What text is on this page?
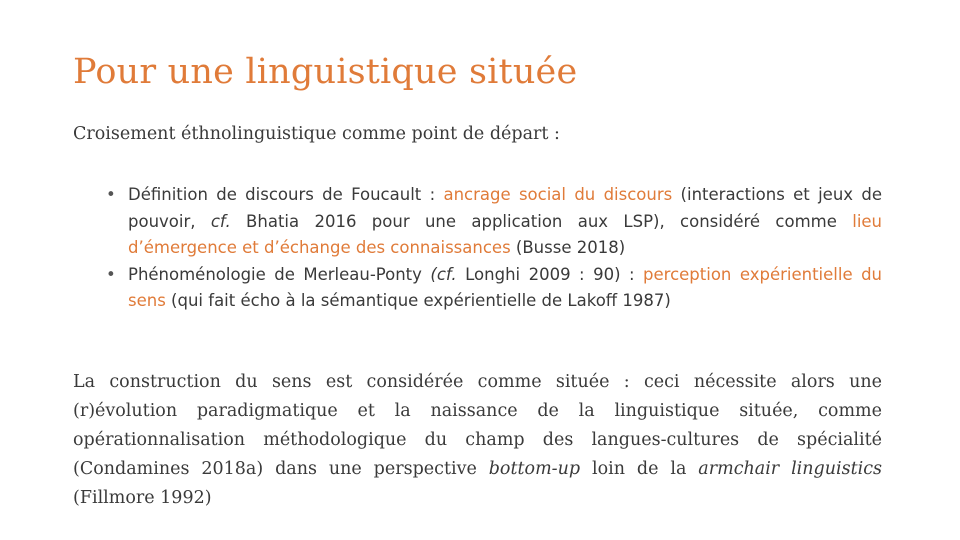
Pour une linguistique située

Croisement éthnolinguistique comme point de départ :

• Définition de discours de Foucault : ancrage social du discours (interactions et jeux de pouvoir, cf. Bhatia 2016 pour une application aux LSP), considéré comme lieu d’émergence et d’échange des connaissances (Busse 2018)
• Phénoménologie de Merleau-Ponty (cf. Longhi 2009 : 90) : perception expérientielle du sens (qui fait écho à la sémantique expérientielle de Lakoff 1987)

La construction du sens est considérée comme située : ceci nécessite alors une (r)évolution paradigmatique et la naissance de la linguistique située, comme opérationnalisation méthodologique du champ des langues-cultures de spécialité (Condamines 2018a) dans une perspective bottom-up loin de la armchair linguistics (Fillmore 1992)
